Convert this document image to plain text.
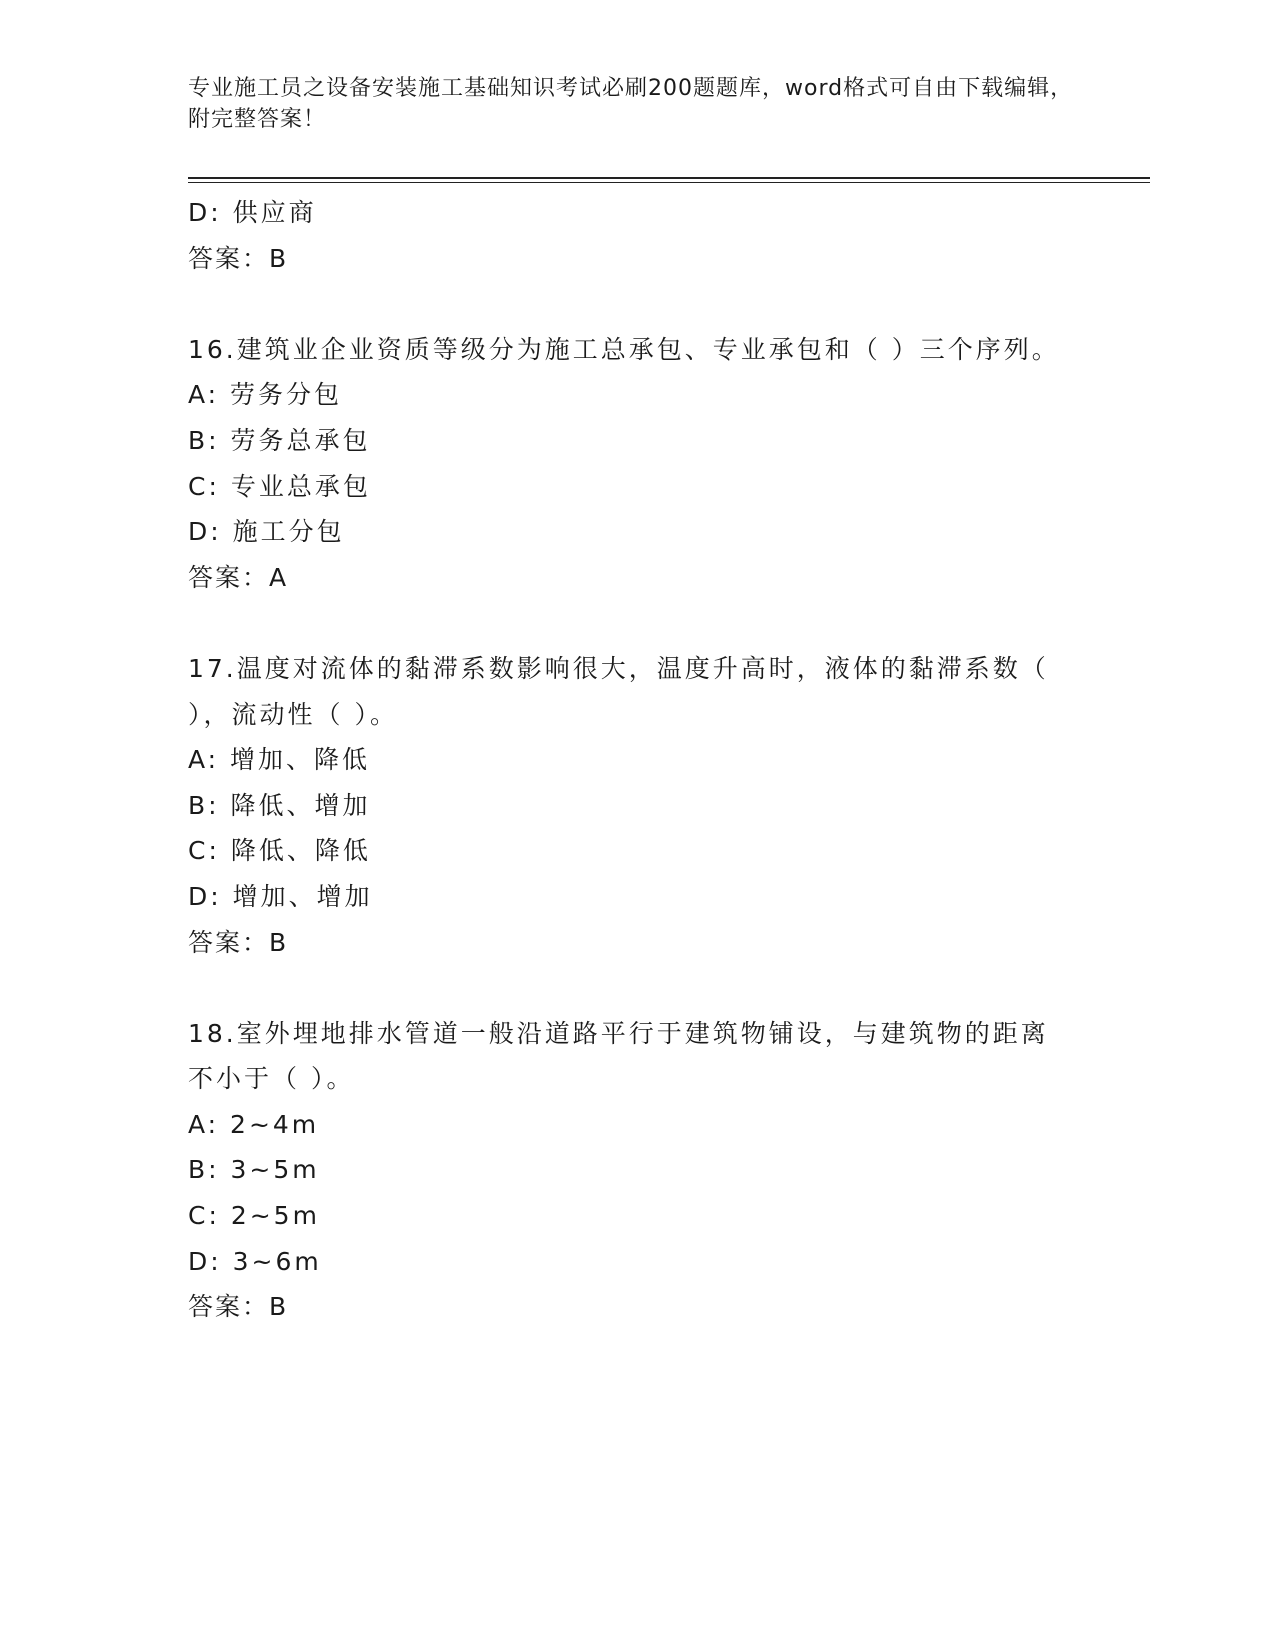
专业施工员之设备安装施工基础知识考试必刷200题题库，word格式可自由下载编辑，附完整答案！
D: 供应商
答案：B
16.建筑业企业资质等级分为施工总承包、专业承包和（ ）三个序列。
A: 劳务分包
B: 劳务总承包
C: 专业总承包
D: 施工分包
答案：A
17.温度对流体的黏滞系数影响很大，温度升高时，液体的黏滞系数（ ），流动性（ ）。
A: 增加、降低
B: 降低、增加
C: 降低、降低
D: 增加、增加
答案：B
18.室外埋地排水管道一般沿道路平行于建筑物铺设，与建筑物的距离不小于（ ）。
A: 2~4m
B: 3~5m
C: 2~5m
D: 3~6m
答案：B
